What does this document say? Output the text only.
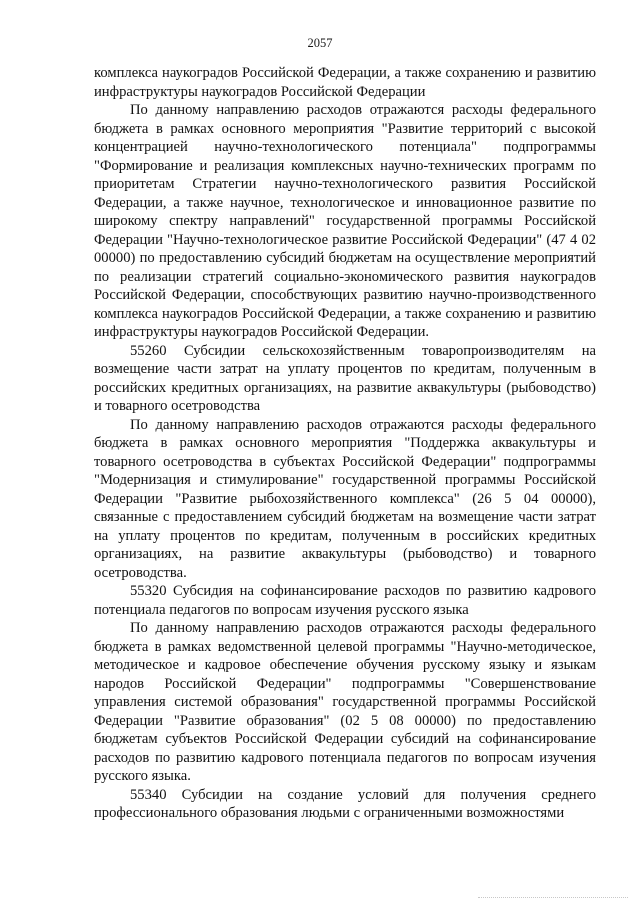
2057

комплекса наукоградов Российской Федерации, а также сохранению и развитию инфраструктуры наукоградов Российской Федерации

По данному направлению расходов отражаются расходы федерального бюджета в рамках основного мероприятия "Развитие территорий с высокой концентрацией научно-технологического потенциала" подпрограммы "Формирование и реализация комплексных научно-технических программ по приоритетам Стратегии научно-технологического развития Российской Федерации, а также научное, технологическое и инновационное развитие по широкому спектру направлений" государственной программы Российской Федерации "Научно-технологическое развитие Российской Федерации" (47 4 02 00000) по предоставлению субсидий бюджетам на осуществление мероприятий по реализации стратегий социально-экономического развития наукоградов Российской Федерации, способствующих развитию научно-производственного комплекса наукоградов Российской Федерации, а также сохранению и развитию инфраструктуры наукоградов Российской Федерации.

55260 Субсидии сельскохозяйственным товаропроизводителям на возмещение части затрат на уплату процентов по кредитам, полученным в российских кредитных организациях, на развитие аквакультуры (рыбоводство) и товарного осетроводства

По данному направлению расходов отражаются расходы федерального бюджета в рамках основного мероприятия "Поддержка аквакультуры и товарного осетроводства в субъектах Российской Федерации" подпрограммы "Модернизация и стимулирование" государственной программы Российской Федерации "Развитие рыбохозяйственного комплекса" (26 5 04 00000), связанные с предоставлением субсидий бюджетам на возмещение части затрат на уплату процентов по кредитам, полученным в российских кредитных организациях, на развитие аквакультуры (рыбоводство) и товарного осетроводства.

55320 Субсидия на софинансирование расходов по развитию кадрового потенциала педагогов по вопросам изучения русского языка

По данному направлению расходов отражаются расходы федерального бюджета в рамках ведомственной целевой программы "Научно-методическое, методическое и кадровое обеспечение обучения русскому языку и языкам народов Российской Федерации" подпрограммы "Совершенствование управления системой образования" государственной программы Российской Федерации "Развитие образования" (02 5 08 00000) по предоставлению бюджетам субъектов Российской Федерации субсидий на софинансирование расходов по развитию кадрового потенциала педагогов по вопросам изучения русского языка.

55340 Субсидии на создание условий для получения среднего профессионального образования людьми с ограниченными возможностями
